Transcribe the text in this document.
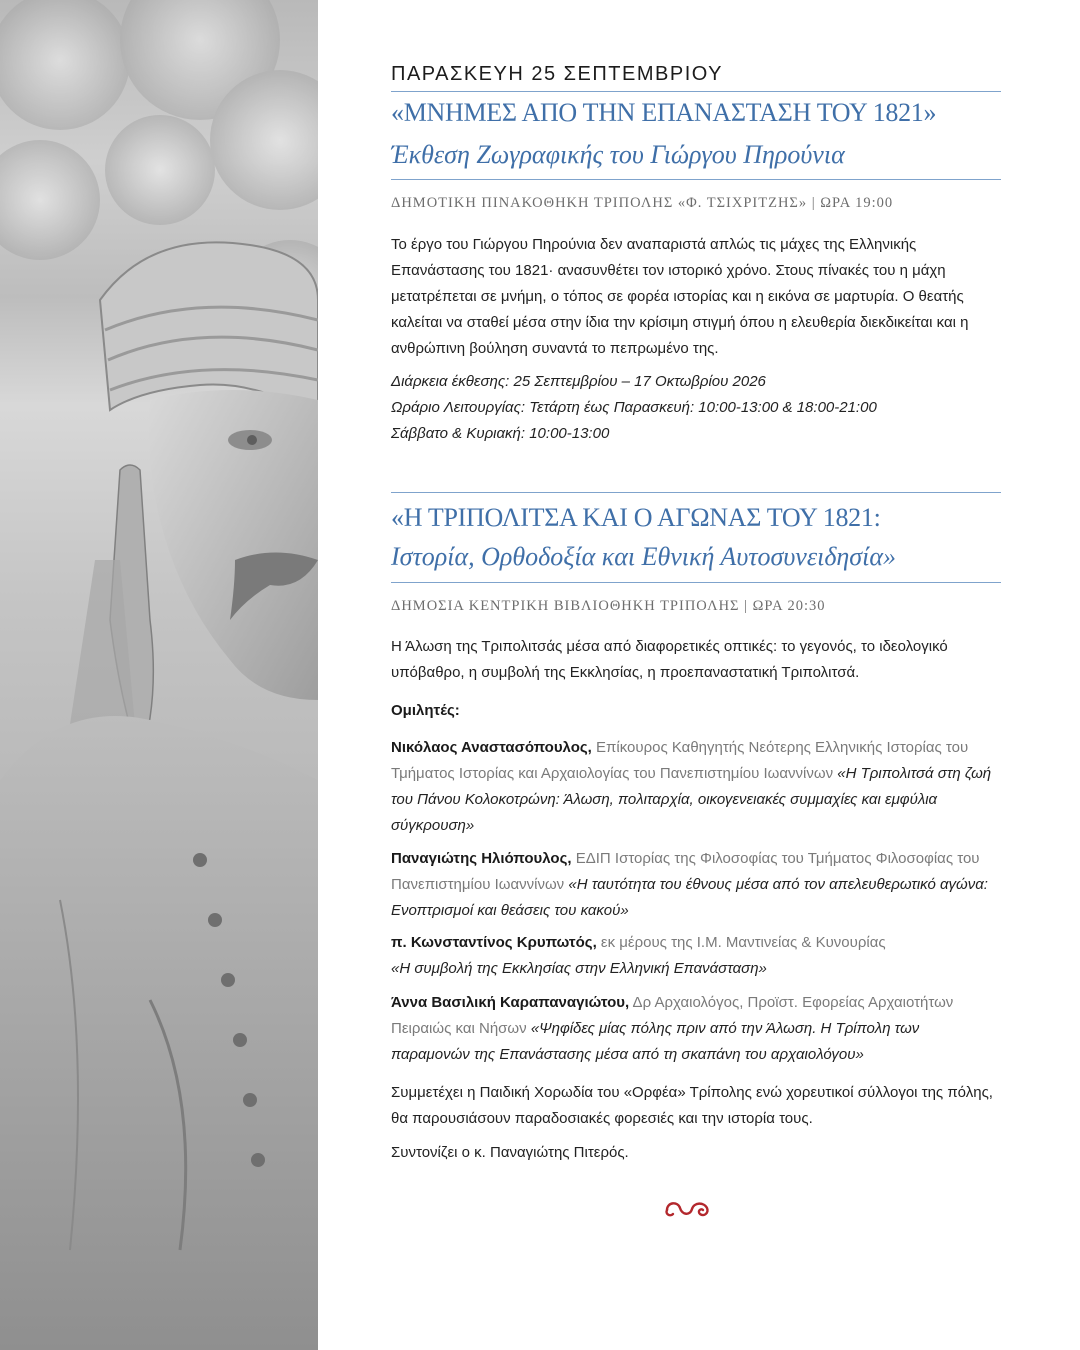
ΠΑΡΑΣΚΕΥΗ 25 ΣΕΠΤΕΜΒΡΙΟΥ
«ΜΝΗΜΕΣ ΑΠΟ ΤΗΝ ΕΠΑΝΑΣΤΑΣΗ ΤΟΥ 1821»
Έκθεση Ζωγραφικής του Γιώργου Πηρούνια
ΔΗΜΟΤΙΚΗ ΠΙΝΑΚΟΘΗΚΗ ΤΡΙΠΟΛΗΣ «Φ. ΤΣΙΧΡΙΤΖΗΣ» | ΩΡΑ 19:00

Το έργο του Γιώργου Πηρούνια δεν αναπαριστά απλώς τις μάχες της Ελληνικής Επανάστασης του 1821· ανασυνθέτει τον ιστορικό χρόνο. Στους πίνακές του η μάχη μετατρέπεται σε μνήμη, ο τόπος σε φορέα ιστορίας και η εικόνα σε μαρτυρία. Ο θεατής καλείται να σταθεί μέσα στην ίδια την κρίσιμη στιγμή όπου η ελευθερία διεκδικείται και η ανθρώπινη βούληση συναντά το πεπρωμένο της.

Διάρκεια έκθεσης: 25 Σεπτεμβρίου – 17 Οκτωβρίου 2026
Ωράριο Λειτουργίας: Τετάρτη έως Παρασκευή: 10:00-13:00 & 18:00-21:00
Σάββατο & Κυριακή: 10:00-13:00
«Η ΤΡΙΠΟΛΙΤΣΑ ΚΑΙ Ο ΑΓΩΝΑΣ ΤΟΥ 1821:
Ιστορία, Ορθοδοξία και Εθνική Αυτοσυνειδησία»
ΔΗΜΟΣΙΑ ΚΕΝΤΡΙΚΗ ΒΙΒΛΙΟΘΗΚΗ ΤΡΙΠΟΛΗΣ | ΩΡΑ 20:30

Η Άλωση της Τριπολιτσάς μέσα από διαφορετικές οπτικές: το γεγονός, το ιδεολογικό υπόβαθρο, η συμβολή της Εκκλησίας, η προεπαναστατική Τριπολιτσά.

Ομιλητές:

Νικόλαος Αναστασόπουλος, Επίκουρος Καθηγητής Νεότερης Ελληνικής Ιστορίας του Τμήματος Ιστορίας και Αρχαιολογίας του Πανεπιστημίου Ιωαννίνων «Η Τριπολιτσά στη ζωή του Πάνου Κολοκοτρώνη: Άλωση, πολιταρχία, οικογενειακές συμμαχίες και εμφύλια σύγκρουση»

Παναγιώτης Ηλιόπουλος, ΕΔΙΠ Ιστορίας της Φιλοσοφίας του Τμήματος Φιλοσοφίας του Πανεπιστημίου Ιωαννίνων «Η ταυτότητα του έθνους μέσα από τον απελευθερωτικό αγώνα: Ενοπτρισμοί και θεάσεις του κακού»

π. Κωνσταντίνος Κρυπωτός, εκ μέρους της Ι.Μ. Μαντινείας & Κυνουρίας
«Η συμβολή της Εκκλησίας στην Ελληνική Επανάσταση»

Άννα Βασιλική Καραπαναγιώτου, Δρ Αρχαιολόγος, Προϊστ. Εφορείας Αρχαιοτήτων Πειραιώς και Νήσων «Ψηφίδες μίας πόλης πριν από την Άλωση. Η Τρίπολη των παραμονών της Επανάστασης μέσα από τη σκαπάνη του αρχαιολόγου»

Συμμετέχει η Παιδική Χορωδία του «Ορφέα» Τρίπολης ενώ χορευτικοί σύλλογοι της πόλης, θα παρουσιάσουν παραδοσιακές φορεσιές και την ιστορία τους.

Συντονίζει ο κ. Παναγιώτης Πιτερός.
